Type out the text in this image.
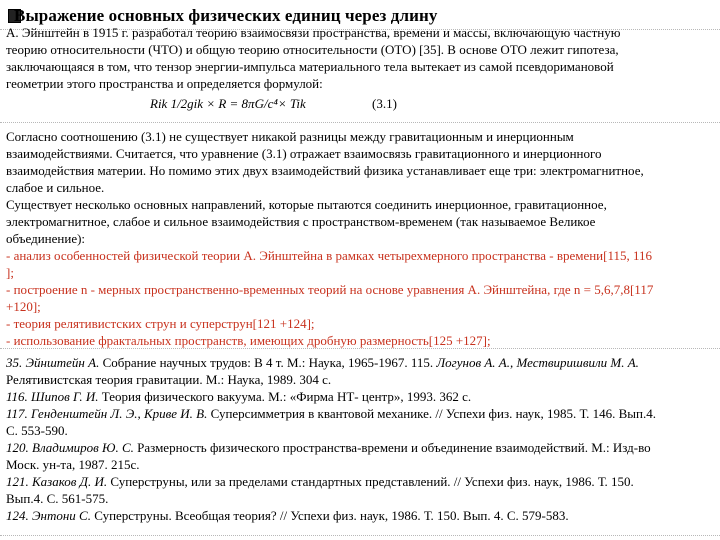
Выражение основных физических единиц через длину
А. Эйнштейн в 1915 г. разработал теорию взаимосвязи пространства, времени и массы, включающую частную
теорию относительности (ЧТО) и общую теорию относительности (ОТО) [35]. В основе ОТО лежит гипотеза,
заключающаяся в том, что тензор энергии-импульса материального тела вытекает из самой псевдоримановой
геометрии этого пространства и определяется формулой:
Rik 1/2gik × R = 8πG/c⁴× Tik	(3.1)
Согласно соотношению (3.1) не существует никакой разницы между гравитационным и инерционным
взаимодействиями. Считается, что уравнение (3.1) отражает взаимосвязь гравитационного и инерционного
взаимодействия материи. Но помимо этих двух взаимодействий физика устанавливает еще три: электромагнитное,
слабое и сильное.
Существует несколько основных направлений, которые пытаются соединить инерционное, гравитационное,
электромагнитное, слабое и сильное взаимодействия с пространством-временем (так называемое Великое
объединение):
- анализ особенностей физической теории А. Эйнштейна в рамках четырехмерного пространства - времени[115, 116
];
- построение n - мерных пространственно-временных теорий на основе уравнения А. Эйнштейна, где n = 5,6,7,8[117
+120];
- теория релятивистских струн и суперструн[121 +124];
- использование фрактальных пространств, имеющих дробную размерность[125 +127];
35. Эйнштейн А. Собрание научных трудов: В 4 т. М.: Наука, 1965-1967. 115. Логунов А. А., Мествиришвили М. А.
Релятивистская теория гравитации. М.: Наука, 1989. 304 с.
116. Шипов Г. И. Теория физического вакуума. М.: «Фирма НТ- центр», 1993. 362 с.
117. Генденштейн Л. Э., Криве И. В. Суперсимметрия в квантовой механике. // Успехи физ. наук, 1985. Т. 146. Вып.4.
С. 553-590.
120. Владимиров Ю. С. Размерность физического пространства-времени и объединение взаимодействий. М.: Изд-во
Моск. ун-та, 1987. 215с.
121. Казаков Д. И. Суперструны, или за пределами стандартных представлений. // Успехи физ. наук, 1986. Т. 150.
Вып.4. С. 561-575.
124. Энтони С. Суперструны. Всеобщая теория? // Успехи физ. наук, 1986. Т. 150. Вып. 4. С. 579-583.
